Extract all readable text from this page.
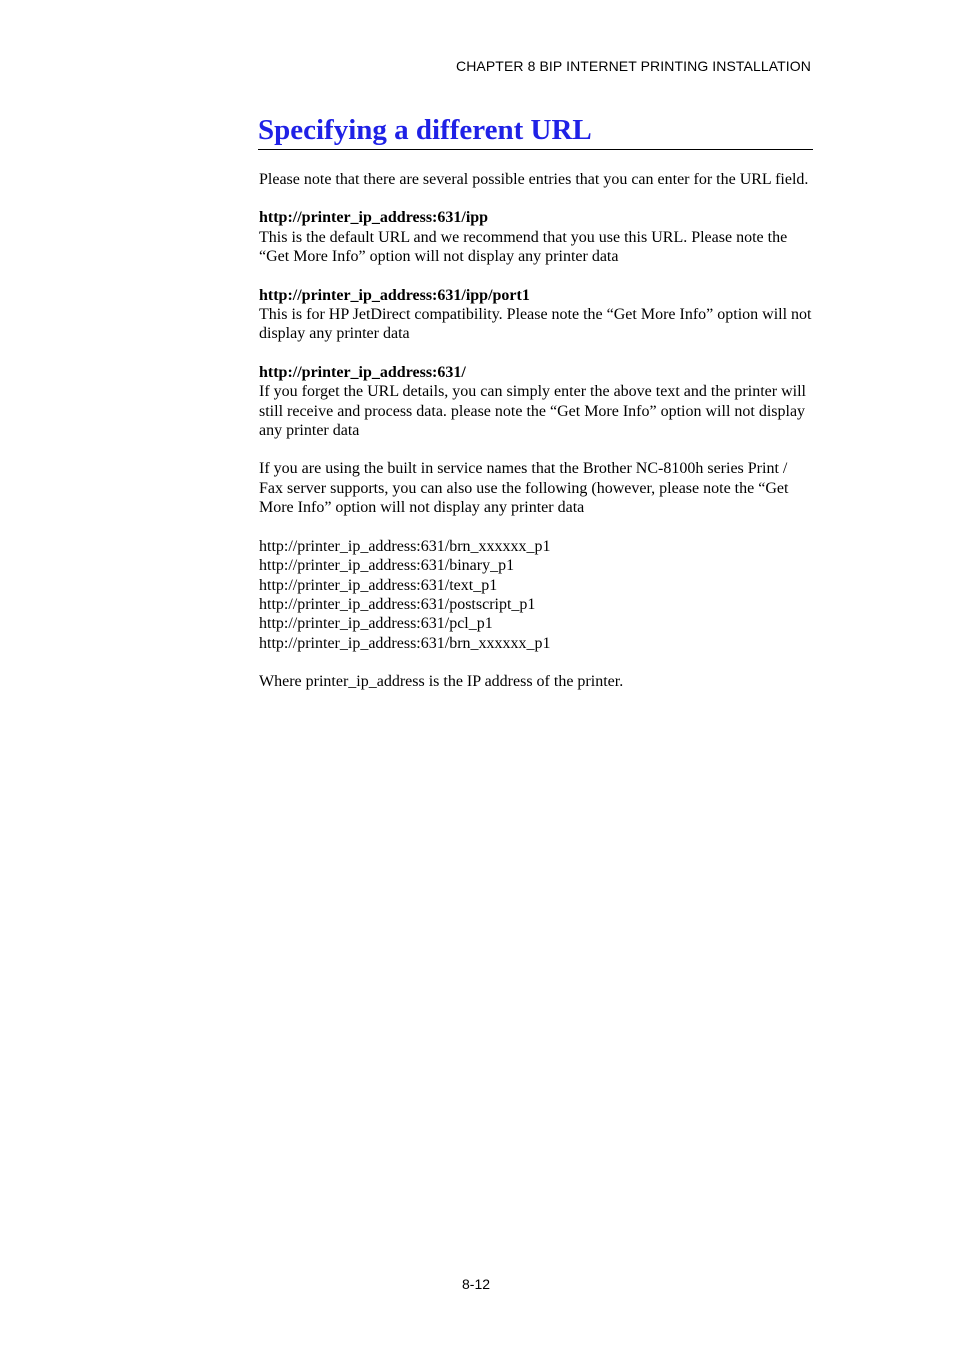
CHAPTER 8 BIP INTERNET PRINTING INSTALLATION
Specifying a different URL

Please note that there are several possible entries that you can enter for the URL field.

http://printer_ip_address:631/ipp

This is the default URL and we recommend that you use this URL. Please note the “Get More Info” option will not display any printer data

http://printer_ip_address:631/ipp/port1

This is for HP JetDirect compatibility. Please note the “Get More Info” option will not display any printer data

http://printer_ip_address:631/

If you forget the URL details, you can simply enter the above text and the printer will still receive and process data. please note the “Get More Info” option will not display any printer data

If you are using the built in service names that the Brother NC-8100h series Print / Fax server supports, you can also use the following (however, please note the “Get More Info” option will not display any printer data

http://printer_ip_address:631/brn_xxxxxx_p1
http://printer_ip_address:631/binary_p1
http://printer_ip_address:631/text_p1
http://printer_ip_address:631/postscript_p1
http://printer_ip_address:631/pcl_p1
http://printer_ip_address:631/brn_xxxxxx_p1

Where printer_ip_address is the IP address of the printer.

8-12
